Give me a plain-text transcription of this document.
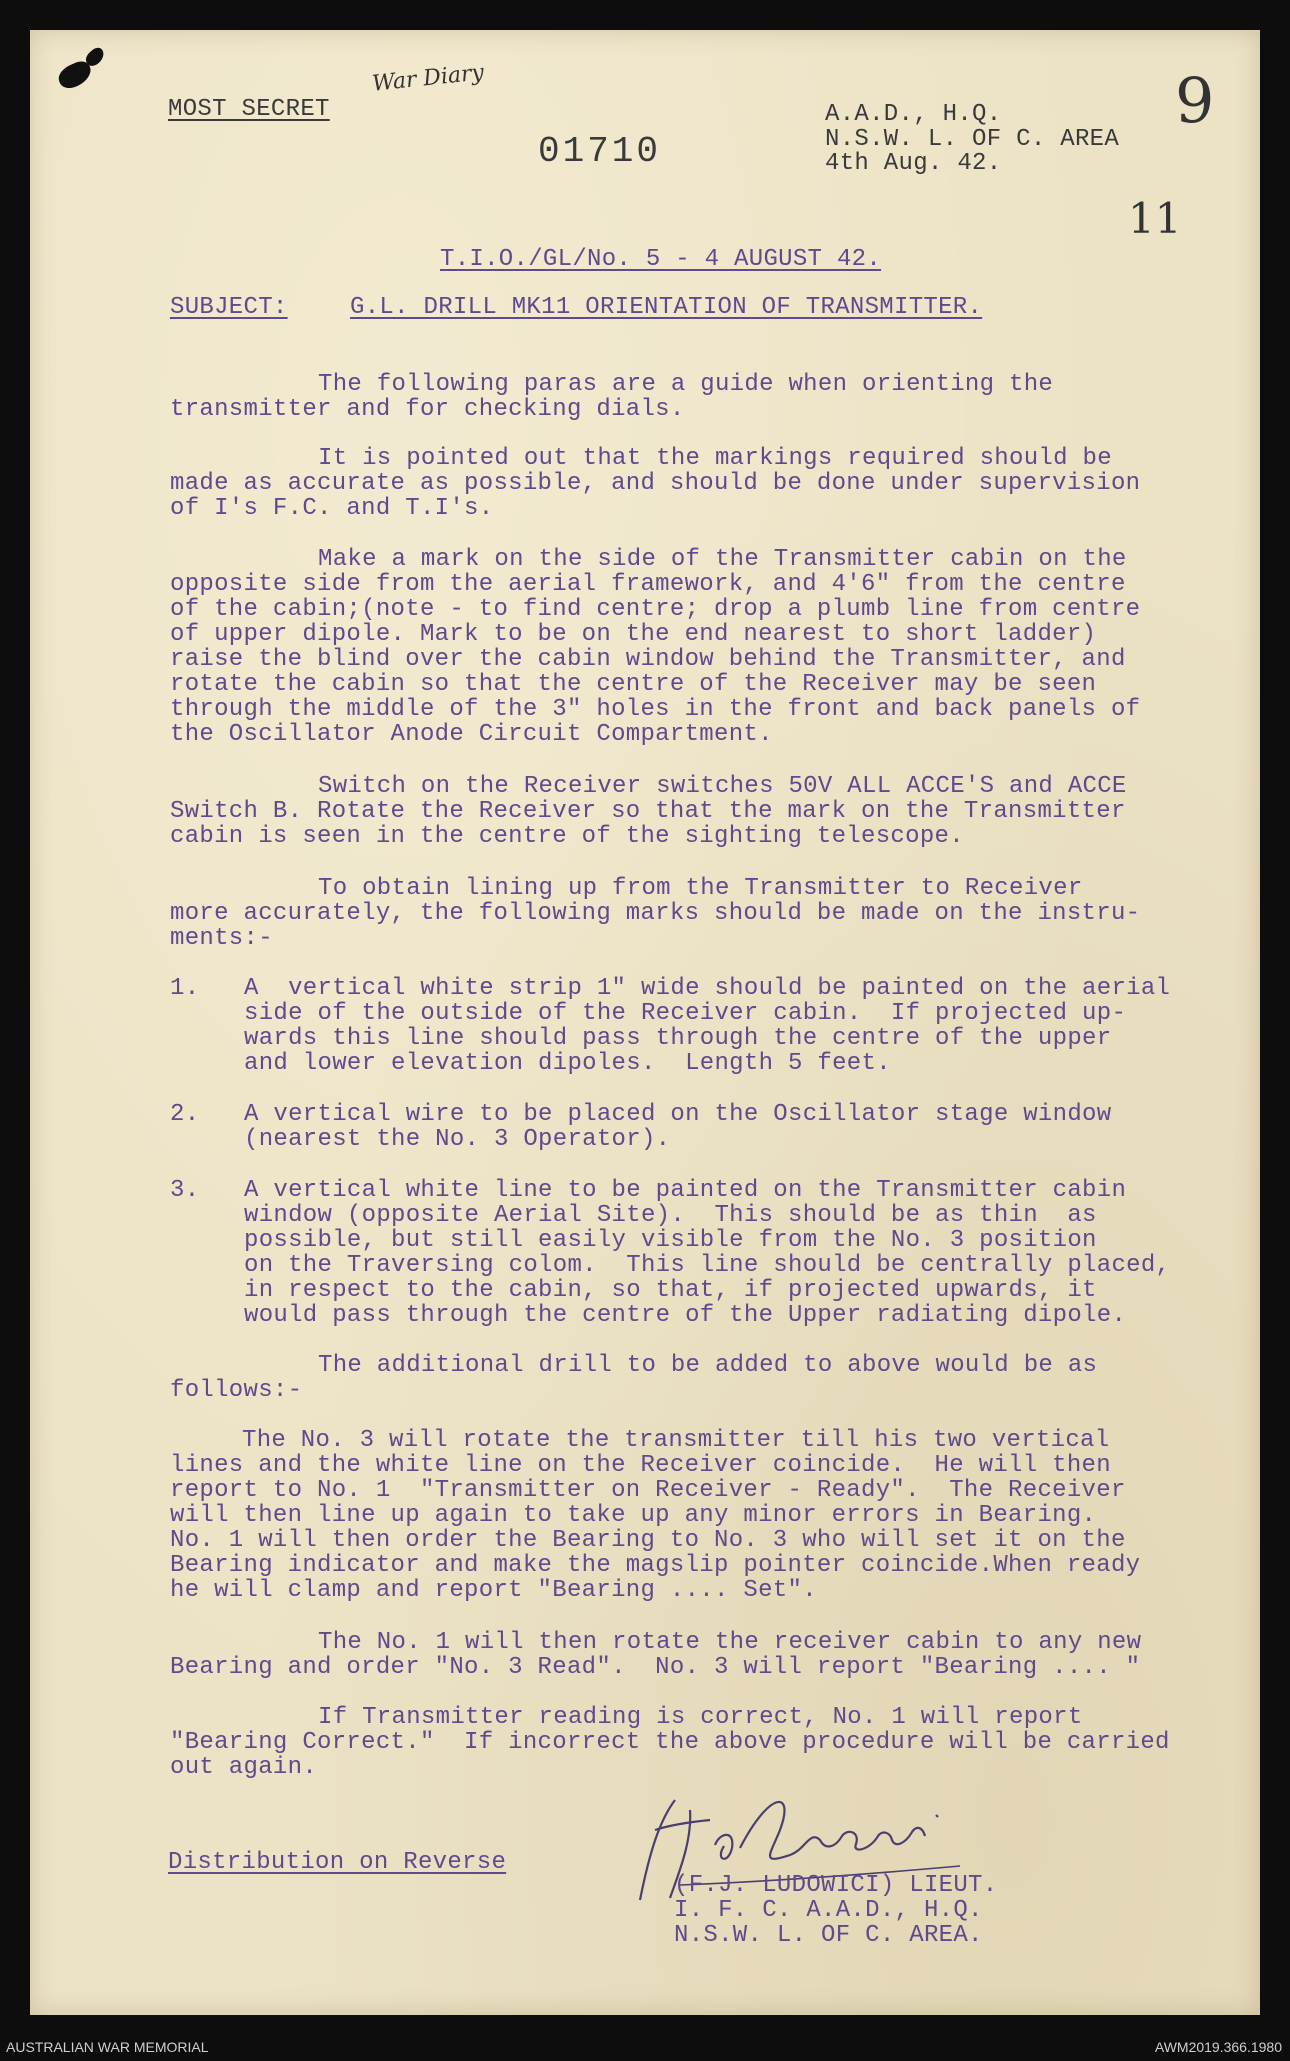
MOST SECRET
War Diary
01710
A.A.D., H.Q.
N.S.W. L. OF C. AREA
4th Aug. 42.
9
11
T.I.O./GL/No. 5 - 4 AUGUST 42.
SUBJECT:	G.L. DRILL MK11 ORIENTATION OF TRANSMITTER.
The following paras are a guide when orienting the
transmitter and for checking dials.
It is pointed out that the markings required should be
made as accurate as possible, and should be done under supervision
of I's F.C. and T.I's.
Make a mark on the side of the Transmitter cabin on the
opposite side from the aerial framework, and 4'6" from the centre
of the cabin;(note - to find centre; drop a plumb line from centre
of upper dipole. Mark to be on the end nearest to short ladder)
raise the blind over the cabin window behind the Transmitter, and
rotate the cabin so that the centre of the Receiver may be seen
through the middle of the 3" holes in the front and back panels of
the Oscillator Anode Circuit Compartment.
Switch on the Receiver switches 50V ALL ACCE'S and ACCE
Switch B. Rotate the Receiver so that the mark on the Transmitter
cabin is seen in the centre of the sighting telescope.
To obtain lining up from the Transmitter to Receiver
more accurately, the following marks should be made on the instru-
ments:-
1. A  vertical white strip 1" wide should be painted on the aerial
side of the outside of the Receiver cabin.  If projected up-
wards this line should pass through the centre of the upper
and lower elevation dipoles.  Length 5 feet.
2. A vertical wire to be placed on the Oscillator stage window
(nearest the No. 3 Operator).
3. A vertical white line to be painted on the Transmitter cabin
window (opposite Aerial Site).  This should be as thin  as
possible, but still easily visible from the No. 3 position
on the Traversing colom.  This line should be centrally placed,
in respect to the cabin, so that, if projected upwards, it
would pass through the centre of the Upper radiating dipole.
The additional drill to be added to above would be as
follows:-
The No. 3 will rotate the transmitter till his two vertical
lines and the white line on the Receiver coincide.  He will then
report to No. 1  "Transmitter on Receiver - Ready".  The Receiver
will then line up again to take up any minor errors in Bearing.
No. 1 will then order the Bearing to No. 3 who will set it on the
Bearing indicator and make the magslip pointer coincide.When ready
he will clamp and report "Bearing .... Set".
The No. 1 will then rotate the receiver cabin to any new
Bearing and order "No. 3 Read".  No. 3 will report "Bearing .... "
If Transmitter reading is correct, No. 1 will report
"Bearing Correct."  If incorrect the above procedure will be carried
out again.
Distribution on Reverse
(F.J. LUDOWICI) LIEUT.
I. F. C. A.A.D., H.Q.
N.S.W. L. OF C. AREA.
AUSTRALIAN WAR MEMORIAL	AWM2019.366.1980
